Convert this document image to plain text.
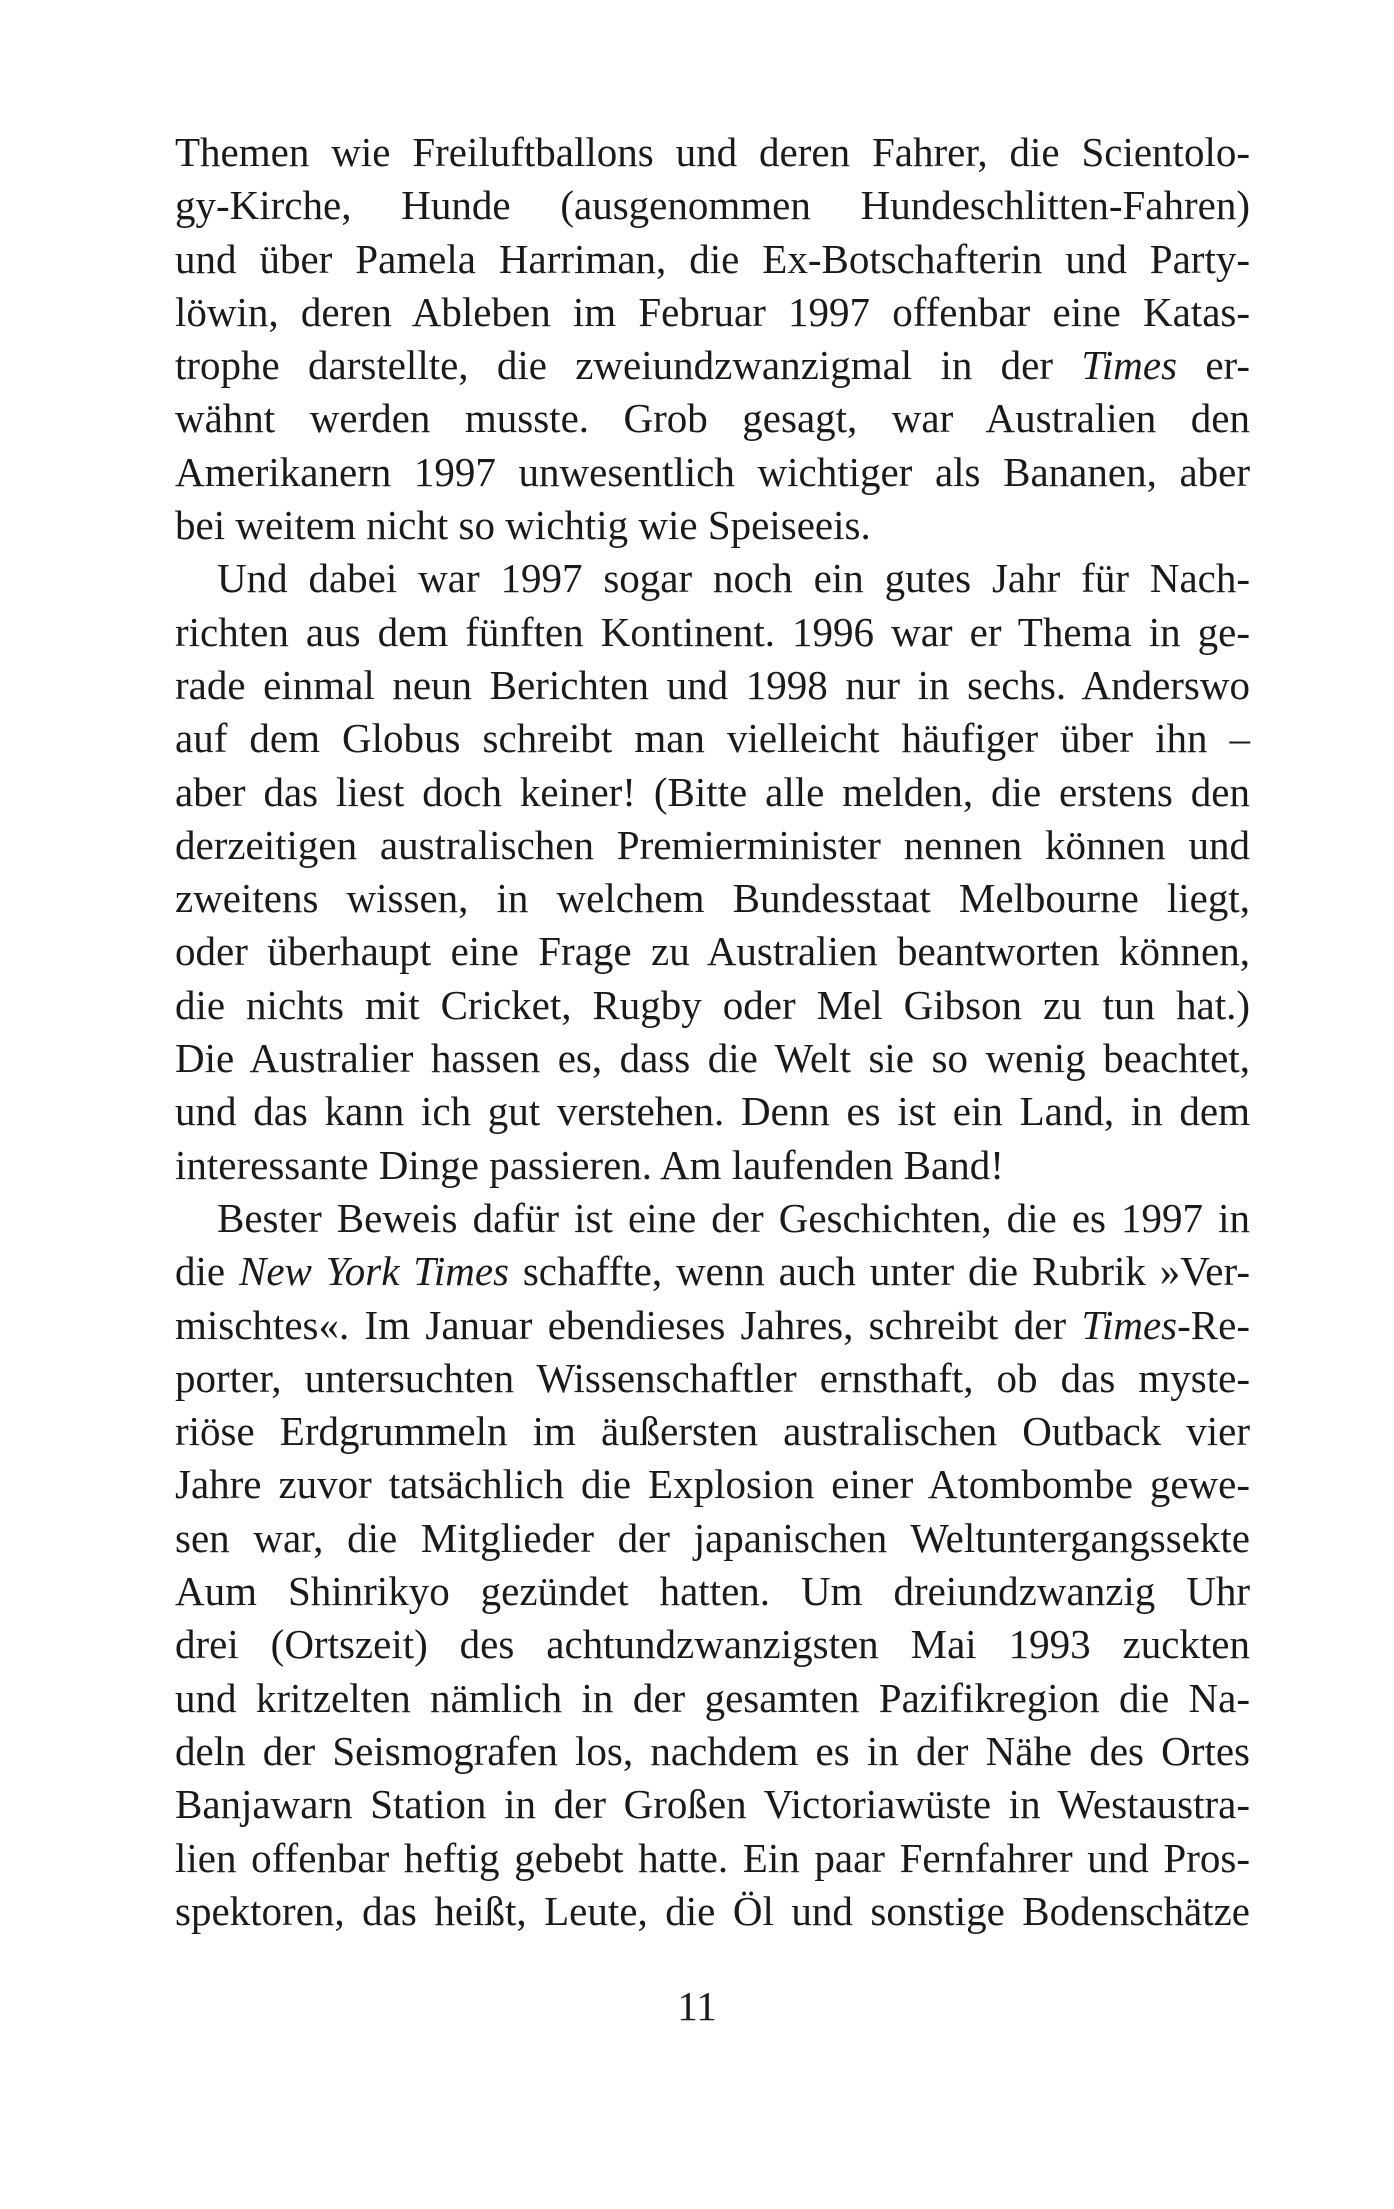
Themen wie Freiluftballons und deren Fahrer, die Scientolo-
gy-Kirche, Hunde (ausgenommen Hundeschlitten-Fahren)
und über Pamela Harriman, die Ex-Botschafterin und Party-
löwin, deren Ableben im Februar 1997 offenbar eine Katas-
trophe darstellte, die zweiundzwanzigmal in der Times er-
wähnt werden musste. Grob gesagt, war Australien den
Amerikanern 1997 unwesentlich wichtiger als Bananen, aber
bei weitem nicht so wichtig wie Speiseeis.
Und dabei war 1997 sogar noch ein gutes Jahr für Nach-
richten aus dem fünften Kontinent. 1996 war er Thema in ge-
rade einmal neun Berichten und 1998 nur in sechs. Anderswo
auf dem Globus schreibt man vielleicht häufiger über ihn –
aber das liest doch keiner! (Bitte alle melden, die erstens den
derzeitigen australischen Premierminister nennen können und
zweitens wissen, in welchem Bundesstaat Melbourne liegt,
oder überhaupt eine Frage zu Australien beantworten können,
die nichts mit Cricket, Rugby oder Mel Gibson zu tun hat.)
Die Australier hassen es, dass die Welt sie so wenig beachtet,
und das kann ich gut verstehen. Denn es ist ein Land, in dem
interessante Dinge passieren. Am laufenden Band!
Bester Beweis dafür ist eine der Geschichten, die es 1997 in
die New York Times schaffte, wenn auch unter die Rubrik »Ver-
mischtes«. Im Januar ebendieses Jahres, schreibt der Times-Re-
porter, untersuchten Wissenschaftler ernsthaft, ob das myste-
riöse Erdgrummeln im äußersten australischen Outback vier
Jahre zuvor tatsächlich die Explosion einer Atombombe gewe-
sen war, die Mitglieder der japanischen Weltuntergangssekte
Aum Shinrikyo gezündet hatten. Um dreiundzwanzig Uhr
drei (Ortszeit) des achtundzwanzigsten Mai 1993 zuckten
und kritzelten nämlich in der gesamten Pazifikregion die Na-
deln der Seismografen los, nachdem es in der Nähe des Ortes
Banjawarn Station in der Großen Victoriawüste in Westaustra-
lien offenbar heftig gebebt hatte. Ein paar Fernfahrer und Pros-
spektoren, das heißt, Leute, die Öl und sonstige Bodenschätze
11
